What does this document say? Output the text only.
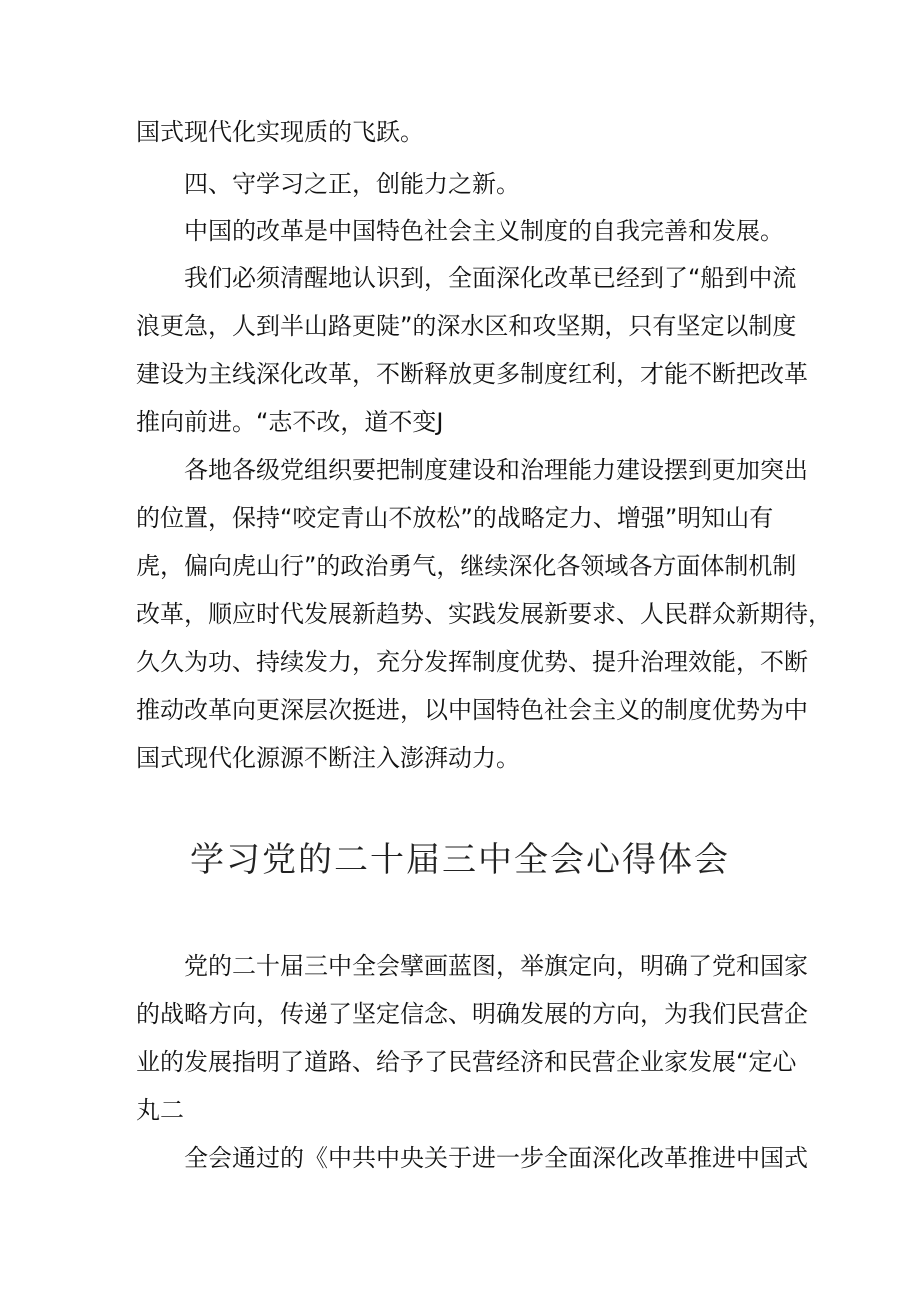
国式现代化实现质的飞跃。
　　四、守学习之正，创能力之新。
　　中国的改革是中国特色社会主义制度的自我完善和发展。
　　我们必须清醒地认识到，全面深化改革已经到了“船到中流
浪更急，人到半山路更陡”的深水区和攻坚期，只有坚定以制度
建设为主线深化改革，不断释放更多制度红利，才能不断把改革
推向前进。“志不改，道不变J
　　各地各级党组织要把制度建设和治理能力建设摆到更加突出
的位置，保持“咬定青山不放松”的战略定力、增强”明知山有
虎，偏向虎山行”的政治勇气，继续深化各领域各方面体制机制
改革，顺应时代发展新趋势、实践发展新要求、人民群众新期待，
久久为功、持续发力，充分发挥制度优势、提升治理效能，不断
推动改革向更深层次挺进，以中国特色社会主义的制度优势为中
国式现代化源源不断注入澎湃动力。
学习党的二十届三中全会心得体会
　　党的二十届三中全会擘画蓝图，举旗定向，明确了党和国家
的战略方向，传递了坚定信念、明确发展的方向，为我们民营企
业的发展指明了道路、给予了民营经济和民营企业家发展“定心
丸二
　　全会通过的《中共中央关于进一步全面深化改革推进中国式
